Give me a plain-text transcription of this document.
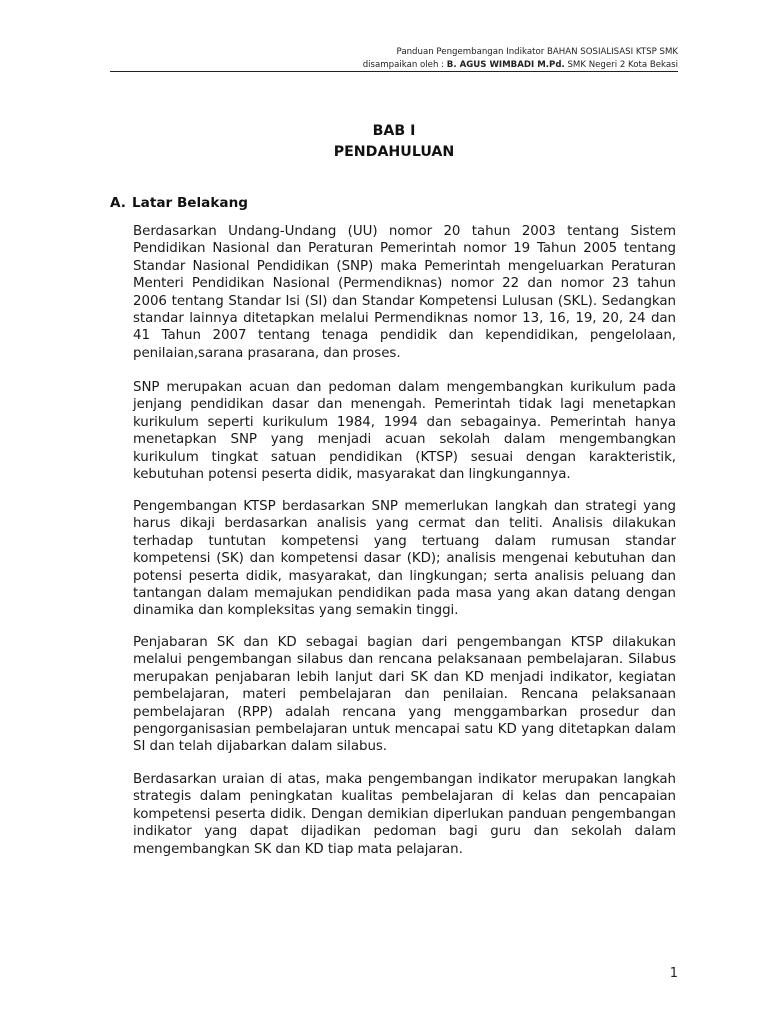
Panduan Pengembangan Indikator BAHAN SOSIALISASI KTSP SMK
disampaikan oleh : B. AGUS WIMBADI M.Pd. SMK Negeri 2 Kota Bekasi
BAB I
PENDAHULUAN
A. Latar Belakang
Berdasarkan Undang-Undang (UU) nomor 20 tahun 2003 tentang Sistem Pendidikan Nasional dan Peraturan Pemerintah nomor 19 Tahun 2005 tentang Standar Nasional Pendidikan (SNP) maka Pemerintah mengeluarkan Peraturan Menteri Pendidikan Nasional (Permendiknas) nomor 22 dan nomor 23 tahun 2006 tentang Standar Isi (SI) dan Standar Kompetensi Lulusan (SKL). Sedangkan standar lainnya ditetapkan melalui Permendiknas nomor 13, 16, 19, 20, 24 dan 41 Tahun 2007 tentang tenaga pendidik dan kependidikan, pengelolaan, penilaian,sarana prasarana, dan proses.
SNP merupakan acuan dan pedoman dalam mengembangkan kurikulum pada jenjang pendidikan dasar dan menengah. Pemerintah tidak lagi menetapkan kurikulum seperti kurikulum 1984, 1994 dan sebagainya. Pemerintah hanya menetapkan SNP yang menjadi acuan sekolah dalam mengembangkan kurikulum tingkat satuan pendidikan (KTSP) sesuai dengan karakteristik, kebutuhan potensi peserta didik, masyarakat dan lingkungannya.
Pengembangan KTSP berdasarkan SNP memerlukan langkah dan strategi yang harus dikaji berdasarkan analisis yang cermat dan teliti. Analisis dilakukan terhadap tuntutan kompetensi yang tertuang dalam rumusan standar kompetensi (SK) dan kompetensi dasar (KD); analisis mengenai kebutuhan dan potensi peserta didik, masyarakat, dan lingkungan; serta analisis peluang dan tantangan dalam memajukan pendidikan pada masa yang akan datang dengan dinamika dan kompleksitas yang semakin tinggi.
Penjabaran SK dan KD sebagai bagian dari pengembangan KTSP dilakukan melalui pengembangan silabus dan rencana pelaksanaan pembelajaran. Silabus merupakan penjabaran lebih lanjut dari SK dan KD menjadi indikator, kegiatan pembelajaran, materi pembelajaran dan penilaian. Rencana pelaksanaan pembelajaran (RPP) adalah rencana yang menggambarkan prosedur dan pengorganisasian pembelajaran untuk mencapai satu KD yang ditetapkan dalam SI dan telah dijabarkan dalam silabus.
Berdasarkan uraian di atas, maka pengembangan indikator merupakan langkah strategis dalam peningkatan kualitas pembelajaran di kelas dan pencapaian kompetensi peserta didik. Dengan demikian diperlukan panduan pengembangan indikator yang dapat dijadikan pedoman bagi guru dan sekolah dalam mengembangkan SK dan KD tiap mata pelajaran.
1
